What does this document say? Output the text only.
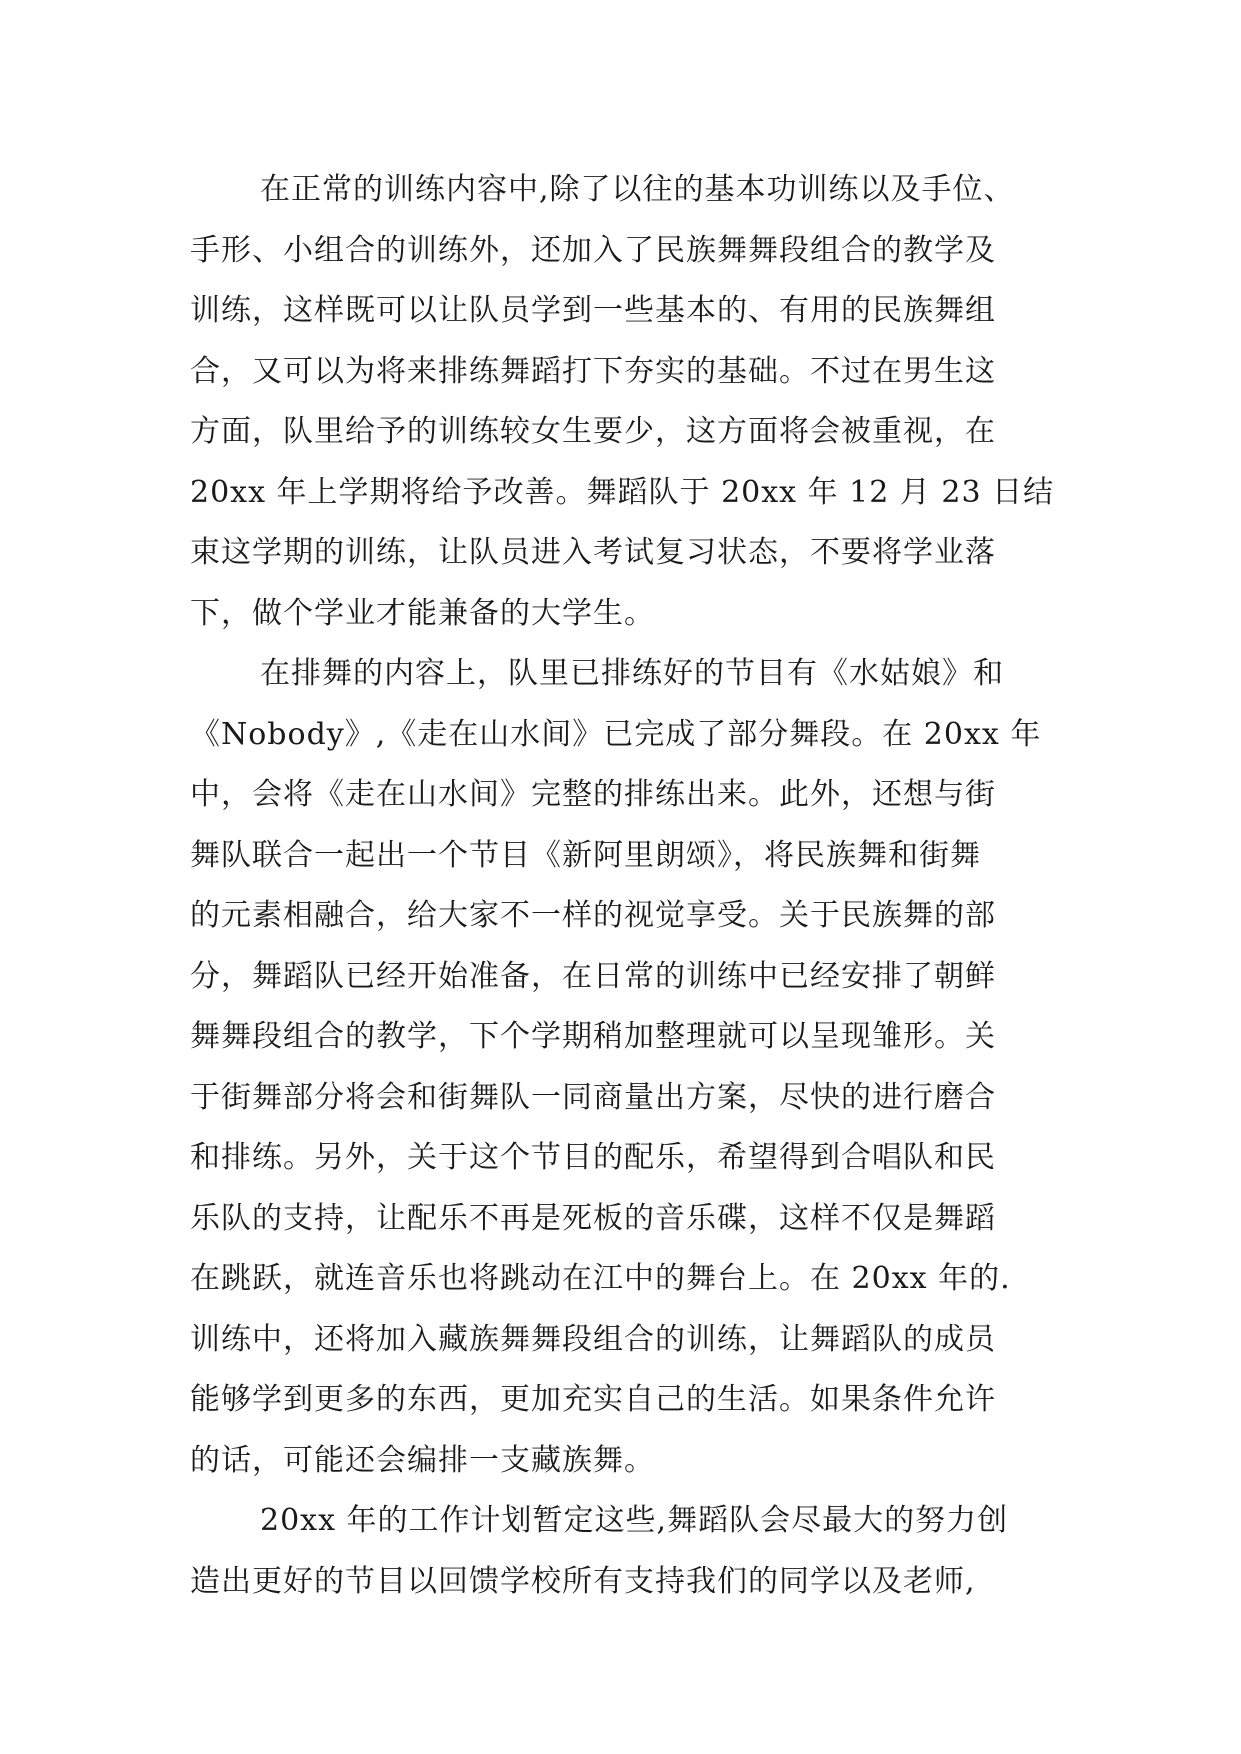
在正常的训练内容中,除了以往的基本功训练以及手位、
手形、小组合的训练外，还加入了民族舞舞段组合的教学及
训练，这样既可以让队员学到一些基本的、有用的民族舞组
合，又可以为将来排练舞蹈打下夯实的基础。不过在男生这
方面，队里给予的训练较女生要少，这方面将会被重视，在
20xx 年上学期将给予改善。舞蹈队于 20xx 年 12 月 23 日结
束这学期的训练，让队员进入考试复习状态，不要将学业落
下，做个学业才能兼备的大学生。
在排舞的内容上，队里已排练好的节目有《水姑娘》和
《Nobody》,《走在山水间》已完成了部分舞段。在 20xx 年
中，会将《走在山水间》完整的排练出来。此外，还想与街
舞队联合一起出一个节目《新阿里朗颂》，将民族舞和街舞
的元素相融合，给大家不一样的视觉享受。关于民族舞的部
分，舞蹈队已经开始准备，在日常的训练中已经安排了朝鲜
舞舞段组合的教学，下个学期稍加整理就可以呈现雏形。关
于街舞部分将会和街舞队一同商量出方案，尽快的进行磨合
和排练。另外，关于这个节目的配乐，希望得到合唱队和民
乐队的支持，让配乐不再是死板的音乐碟，这样不仅是舞蹈
在跳跃，就连音乐也将跳动在江中的舞台上。在 20xx 年的.
训练中，还将加入藏族舞舞段组合的训练，让舞蹈队的成员
能够学到更多的东西，更加充实自己的生活。如果条件允许
的话，可能还会编排一支藏族舞。
20xx 年的工作计划暂定这些,舞蹈队会尽最大的努力创
造出更好的节目以回馈学校所有支持我们的同学以及老师,
